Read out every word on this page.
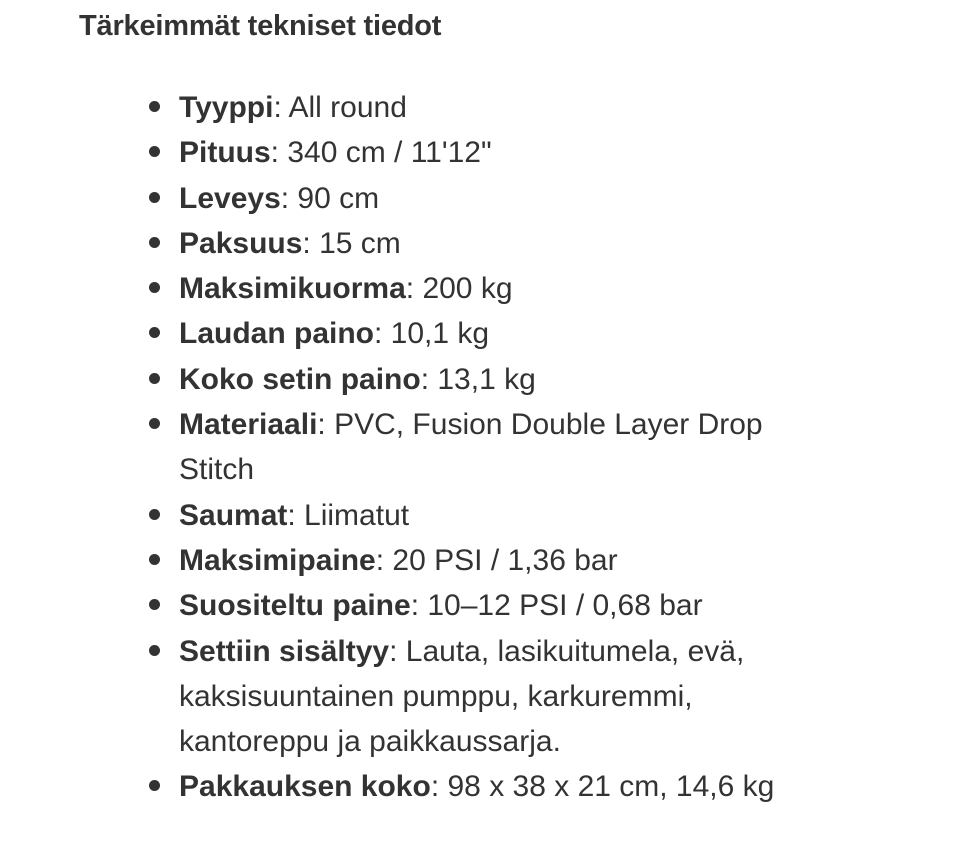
Tärkeimmät tekniset tiedot
Tyyppi: All round
Pituus: 340 cm / 11'12"
Leveys: 90 cm
Paksuus: 15 cm
Maksimikuorma: 200 kg
Laudan paino: 10,1 kg
Koko setin paino: 13,1 kg
Materiaali: PVC, Fusion Double Layer Drop Stitch
Saumat: Liimatut
Maksimipaine: 20 PSI / 1,36 bar
Suositeltu paine: 10–12 PSI / 0,68 bar
Settiin sisältyy: Lauta, lasikuitumela, evä, kaksisuuntainen pumppu, karkuremmi, kantoreppu ja paikkaussarja.
Pakkauksen koko: 98 x 38 x 21 cm, 14,6 kg
